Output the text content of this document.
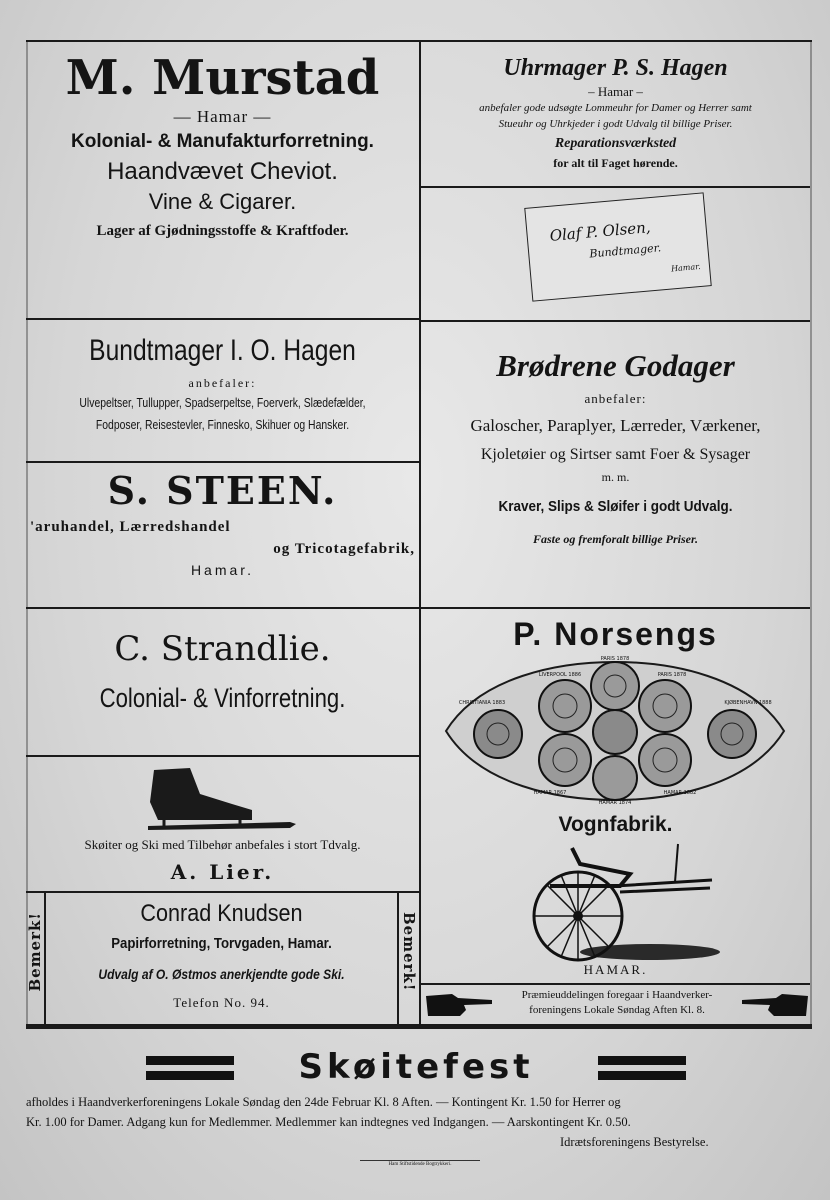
M. Murstad
— Hamar —
Kolonial- & Manufakturforretning.
Haandvævet Cheviot.
Vine & Cigarer.
Lager af Gjødningsstoffe & Kraftfoder.
Uhrmager P. S. Hagen
– Hamar –
anbefaler gode udsøgte Lommeuhr for Damer og Herrer samt
Stueuhr og Uhrkjeder i godt Udvalg til billige Priser.
Reparationsværksted
for alt til Faget hørende.
Olaf P. Olsen,
Bundtmager.
Hamar.
Bundtmager I. O. Hagen
anbefaler:
Ulvepeltser, Tullupper, Spadserpeltse, Foerverk, Slædefælder,
Fodposer, Reisestevler, Finnesko, Skihuer og Hansker.
Brødrene Godager
anbefaler:
Galoscher, Paraplyer, Lærreder, Værkener,
Kjoletøier og Sirtser samt Foer & Sysager
m. m.
Kraver, Slips & Sløifer i godt Udvalg.
Faste og fremforalt billige Priser.
S. STEEN.
'aruhandel, Lærredshandel
og Tricotagefabrik,
Hamar.
C. Strandlie.
Colonial- & Vinforretning.
P. Norsengs
LIVERPOOL 1886
PARIS 1878
PARIS 1878
CHRISTIANIA 1883	KJØBENHAVN 1888
HAMAR 1867
HAMAR 1874
HAMAR 1882
Vognfabrik.
HAMAR.
Skøiter og Ski med Tilbehør anbefales i stort Tdvalg.
A. Lier.
Bemerk!	Bemerk!
Conrad Knudsen
Papirforretning, Torvgaden, Hamar.
Udvalg af O. Østmos anerkjendte gode Ski.
Telefon No. 94.	Præmieuddelingen foregaar i Haandverker-
foreningens Lokale Søndag Aften Kl. 8.
Skøitefest
afholdes i Haandverkerforeningens Lokale Søndag den 24de Februar Kl. 8 Aften. — Kontingent Kr. 1.50 for Herrer og
Kr. 1.00 for Damer. Adgang kun for Medlemmer. Medlemmer kan indtegnes ved Indgangen. — Aarskontingent Kr. 0.50.
Idrætsforeningens Bestyrelse.
Ham Stiftstidende Bogtrykkeri.
